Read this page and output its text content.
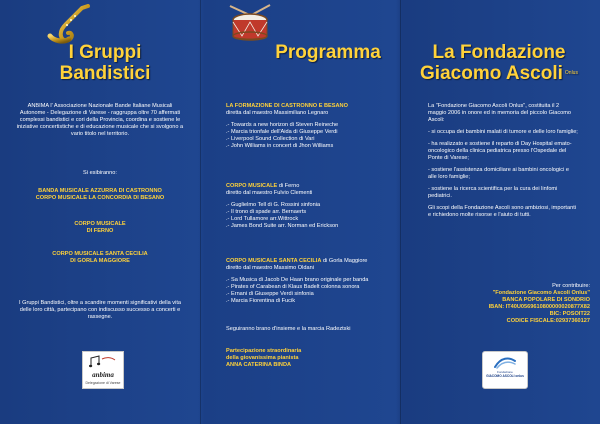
I Gruppi
Bandistici
ANBIMA l' Associazione Nazionale Bande Italiane Musicali Autonome - Delegazione di Varese - raggruppa oltre 70 affermati complessi bandistici e cori della Provincia, coordina e sostiene le iniziative concertistiche e di educazione musicale che si svolgono a vario titolo nel territorio.
Si esibiranno:
BANDA MUSICALE AZZURRA DI CASTRONNO
CORPO MUSICALE LA CONCORDIA DI BESANO
CORPO MUSICALE
DI FERNO
CORPO MUSICALE SANTA CECILIA
DI GORLA MAGGIORE
I Gruppi Bandistici, oltre a scandire momenti significativi della vita delle loro città, partecipano con indiscusso successo a concerti e rassegne.
anbima
Delegazione di Varese
Programma
LA FORMAZIONE DI CASTRONNO E BESANO
diretta dal maestro Massimiliano Legnaro
.- Towards a new horizon di Steven Reineche
.- Marcia trionfale dell'Aida di Giuseppe Verdi
.- Liverpool Sound Collection di Vari
.- John Williams in concert di Jhon Williams
CORPO MUSICALE di Ferno
diretto dal maestro Fulvio Clementi
.- Guglielmo Tell di G. Rossini sinfonia
.- Il trono di spade arr. Bernaerts
.- Lord Tullamore arr.Wittrock
.- James Bond Suite arr. Norman ed Erickson
CORPO MUSICALE SANTA CECILIA di Gorla Maggiore
diretto dal maestro Massimo Oldani
.- Sa Musica di Jacob De Haan brano originale per banda
.- Pirates of Carabean di Klaus Badelt colonna sonora
.- Ernani di Giuseppe Verdi sinfonia
.- Marcia Fiorentina di Fucik
Seguiranno brano d'insieme e la marcia Radeztski
Partecipazione straordinaria
della giovanissima pianista
ANNA CATERINA BINDA
La Fondazione
Giacomo Ascoli $^{Onlus}$

La "Fondazione Giacomo Ascoli Onlus", costituita il 2 maggio 2006 in onore ed in memoria del piccolo Giacomo Ascoli:

- si occupa dei bambini malati di tumore e delle loro famiglie;

- ha realizzato e sostiene il reparto di Day Hospital emato-oncologico della clinica pediatrica presso l'Ospedale del Ponte di Varese;

- sostiene l'assistenza domiciliare ai bambini oncologici e alle loro famiglie;

- sostiene la ricerca scientifica per la cura dei linfomi pediatrici.

Gli scopi della Fondazione Ascoli sono ambiziosi, importanti e richiedono molte risorse e l'aiuto di tutti.

Per contribuire:
"Fondazione Giacomo Ascoli Onlus"
BANCA POPOLARE DI SONDRIO
IBAN: IT40U0569610800000020877X82
BIC: POSOIT22
CODICE FISCALE:02937360127
Fondazione
GIACOMO ASCOLI onlus
